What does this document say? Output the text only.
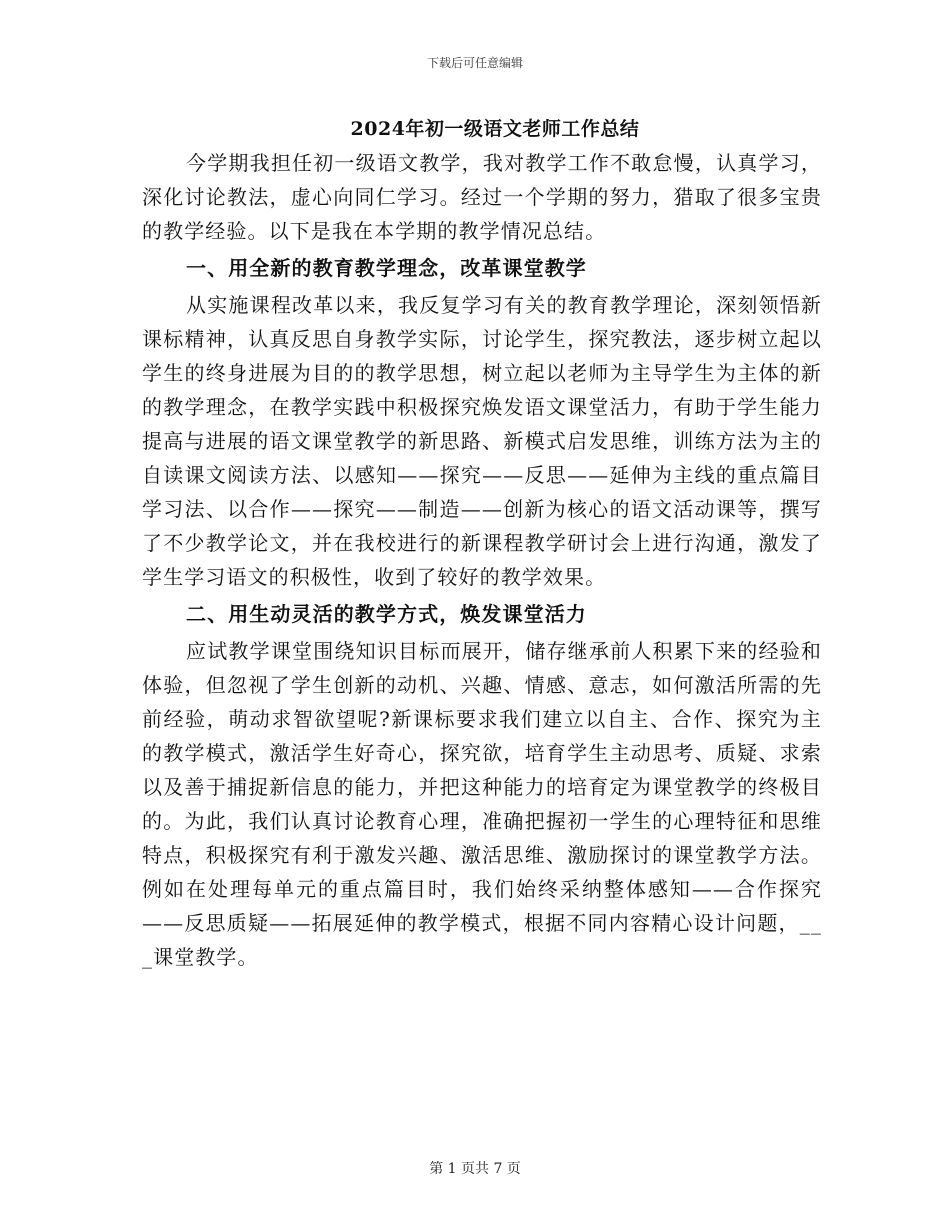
下载后可任意编辑
2024年初一级语文老师工作总结

今学期我担任初一级语文教学，我对教学工作不敢怠慢，认真学习，深化讨论教法，虚心向同仁学习。经过一个学期的努力，猎取了很多宝贵的教学经验。以下是我在本学期的教学情况总结。

一、用全新的教育教学理念，改革课堂教学

从实施课程改革以来，我反复学习有关的教育教学理论，深刻领悟新课标精神，认真反思自身教学实际，讨论学生，探究教法，逐步树立起以学生的终身进展为目的的教学思想，树立起以老师为主导学生为主体的新的教学理念，在教学实践中积极探究焕发语文课堂活力，有助于学生能力提高与进展的语文课堂教学的新思路、新模式启发思维，训练方法为主的自读课文阅读方法、以感知——探究——反思——延伸为主线的重点篇目学习法、以合作——探究——制造——创新为核心的语文活动课等，撰写了不少教学论文，并在我校进行的新课程教学研讨会上进行沟通，激发了学生学习语文的积极性，收到了较好的教学效果。

二、用生动灵活的教学方式，焕发课堂活力

应试教学课堂围绕知识目标而展开，储存继承前人积累下来的经验和体验，但忽视了学生创新的动机、兴趣、情感、意志，如何激活所需的先前经验，萌动求智欲望呢?新课标要求我们建立以自主、合作、探究为主的教学模式，激活学生好奇心，探究欲，培育学生主动思考、质疑、求索以及善于捕捉新信息的能力，并把这种能力的培育定为课堂教学的终极目的。为此，我们认真讨论教育心理，准确把握初一学生的心理特征和思维特点，积极探究有利于激发兴趣、激活思维、激励探讨的课堂教学方法。例如在处理每单元的重点篇目时，我们始终采纳整体感知——合作探究——反思质疑——拓展延伸的教学模式，根据不同内容精心设计问题，___课堂教学。

第 1 页共 7 页
